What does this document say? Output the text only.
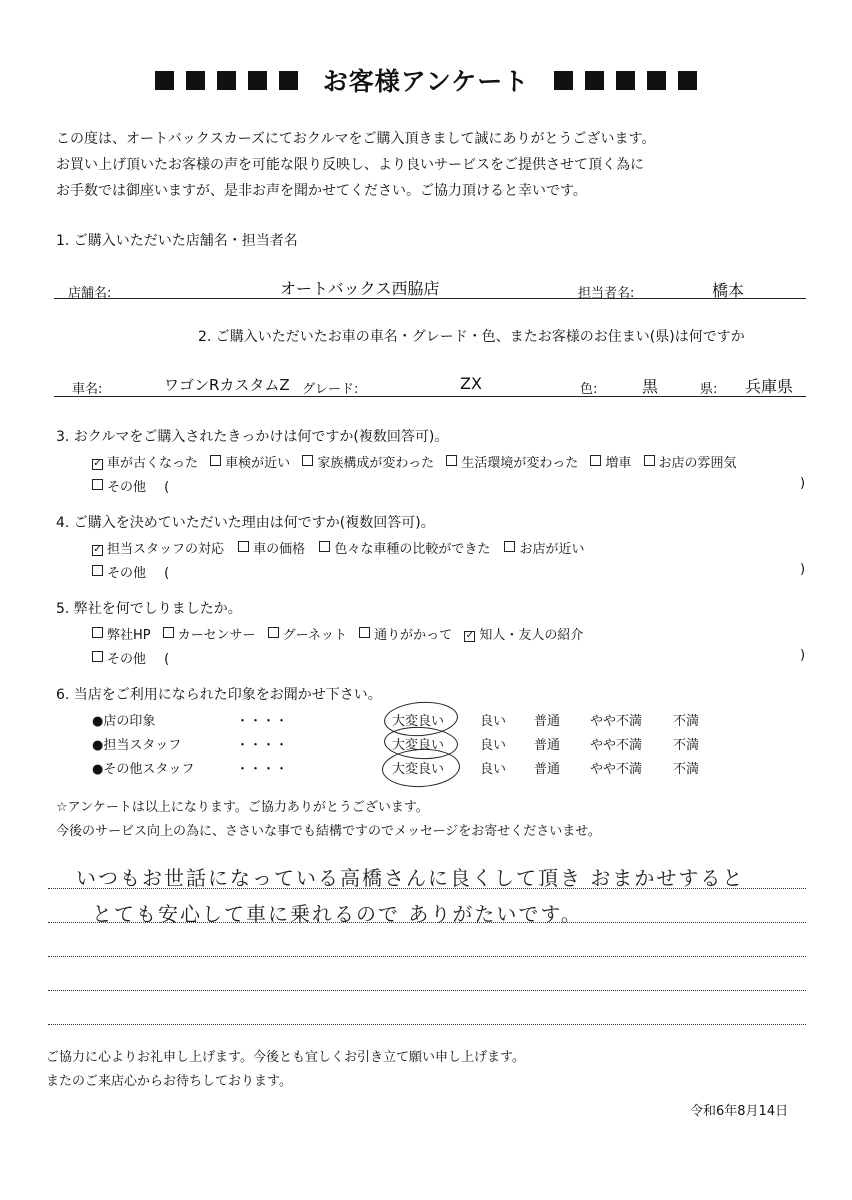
お客様アンケート
この度は、オートバックスカーズにておクルマをご購入頂きまして誠にありがとうございます。
お買い上げ頂いたお客様の声を可能な限り反映し、より良いサービスをご提供させて頂く為に
お手数では御座いますが、是非お声を聞かせてください。ご協力頂けると幸いです。
1. ご購入いただいた店舗名・担当者名
店舗名:	オートバックス西脇店	担当者名:	橋本
2. ご購入いただいたお車の車名・グレード・色、またお客様のお住まい(県)は何ですか
車名:	ワゴンRカスタムZ グレード:	ZX	色:	黒	県: 兵庫県
3. おクルマをご購入されたきっかけは何ですか(複数回答可)。
✓ 車が古くなった 車検が近い 家族構成が変わった 生活環境が変わった 増車 お店の雰囲気
その他 (	)
4. ご購入を決めていただいた理由は何ですか(複数回答可)。
✓ 担当スタッフの対応 車の価格 色々な車種の比較ができた お店が近い
その他 (	)
5. 弊社を何でしりましたか。
弊社HP カーセンサー グーネット 通りがかって ✓ 知人・友人の紹介
その他 (	)
6. 当店をご利用になられた印象をお聞かせ下さい。
●店の印象	・・・・	大変良い	良い 普通 やや不満 不満
●担当スタッフ	・・・・	大変良い	良い 普通 やや不満 不満
●その他スタッフ	・・・・	大変良い	良い 普通 やや不満 不満
☆アンケートは以上になります。ご協力ありがとうございます。
今後のサービス向上の為に、ささいな事でも結構ですのでメッセージをお寄せくださいませ。
いつもお世話になっている高橋さんに良くして頂き おまかせすると
とても安心して車に乗れるので ありがたいです。
ご協力に心よりお礼申し上げます。今後とも宜しくお引き立て願い申し上げます。
またのご来店心からお待ちしております。
令和6年8月14日
